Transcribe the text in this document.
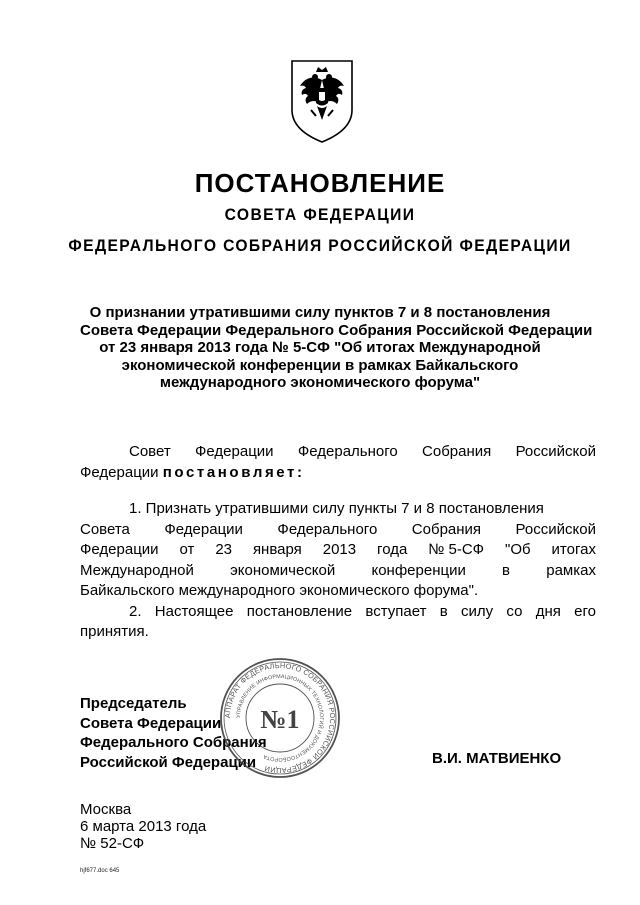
ПОСТАНОВЛЕНИЕ
СОВЕТА ФЕДЕРАЦИИ
ФЕДЕРАЛЬНОГО СОБРАНИЯ РОССИЙСКОЙ ФЕДЕРАЦИИ
О признании утратившими силу пунктов 7 и 8 постановления
Совета Федерации Федерального Собрания Российской Федерации
от 23 января 2013 года № 5-СФ "Об итогах Международной
экономической конференции в рамках Байкальского
международного экономического форума"
Совет Федерации Федерального Собрания Российской
Федерации постановляет:
1. Признать утратившими силу пункты 7 и 8 постановления
Совета Федерации Федерального Собрания Российской
Федерации от 23 января 2013 года № 5-СФ "Об итогах
Международной экономической конференции в рамках
Байкальского международного экономического форума".
2. Настоящее постановление вступает в силу со дня его
принятия.
Председатель
Совета Федерации
Федерального Собрания
Российской Федерации	В.И. МАТВИЕНКО
АППАРАТ ФЕДЕРАЛЬНОГО СОБРАНИЯ РОССИЙСКОЙ ФЕДЕРАЦИИ
УПРАВЛЕНИЕ ИНФОРМАЦИОННЫХ ТЕХНОЛОГИЙ И ДОКУМЕНТООБОРОТА
№1
Москва
6 марта 2013 года
№ 52-СФ
hjf677.doc 645
